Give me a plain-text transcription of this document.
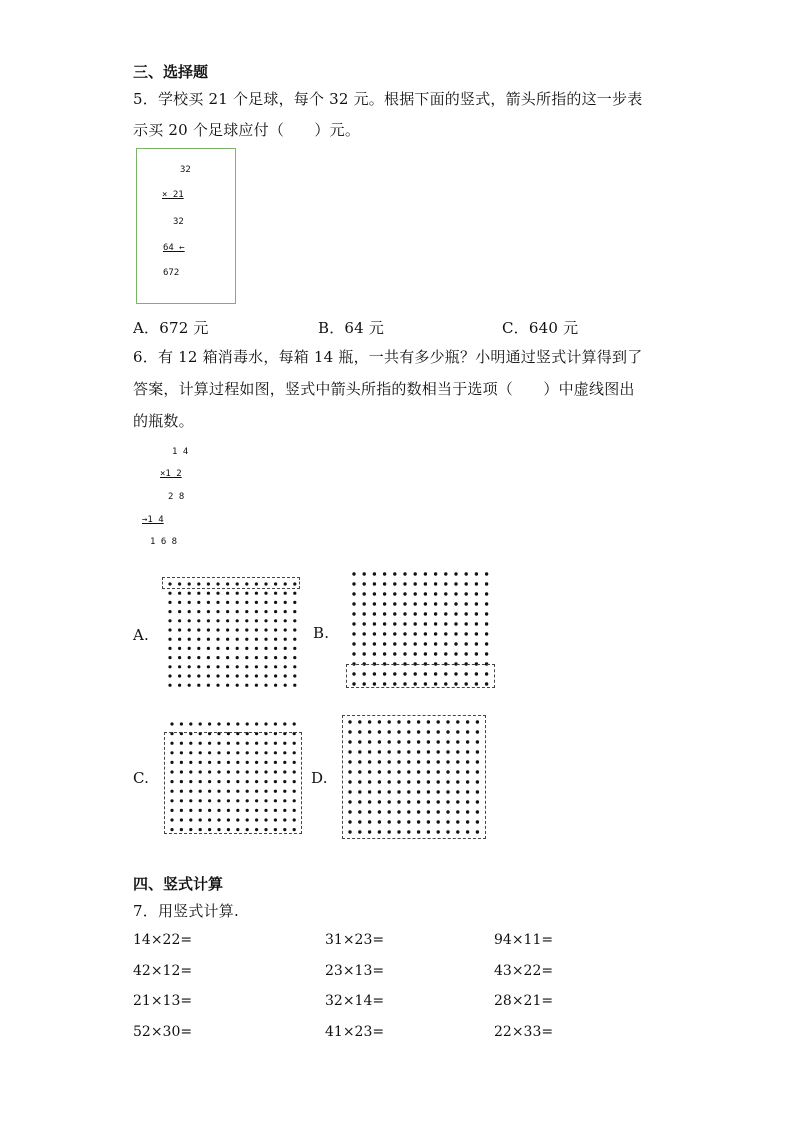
三、选择题
5．学校买 21 个足球，每个 32 元。根据下面的竖式，箭头所指的这一步表
示买 20 个足球应付（　　）元。
32
× 21
32
64 ←
672
A．672 元	B．64 元	C．640 元
6．有 12 箱消毒水，每箱 14 瓶，一共有多少瓶？小明通过竖式计算得到了
答案，计算过程如图，竖式中箭头所指的数相当于选项（　　）中虚线图出
的瓶数。
1 4
×1 2
2 8
→1 4
1 6 8
A.	B.
C.	D.
四、竖式计算
7．用竖式计算.
14×22=	31×23=	94×11=
42×12=	23×13=	43×22=
21×13=	32×14=	28×21=
52×30=	41×23=	22×33=
